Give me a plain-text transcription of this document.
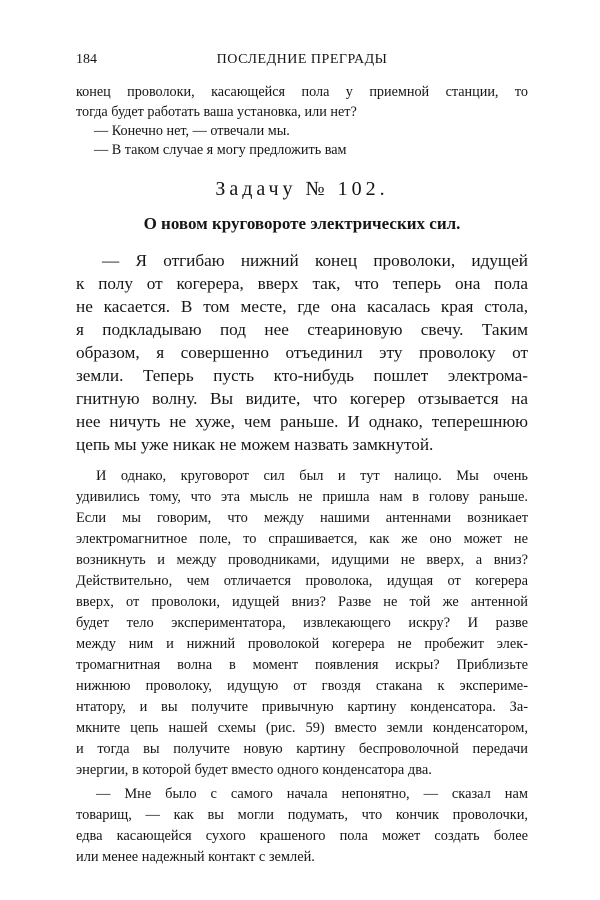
184	ПОСЛЕДНИЕ ПРЕГРАДЫ
конец проволоки, касающейся пола у приемной станции, то
тогда будет работать ваша установка, или нет?
— Конечно нет, — отвечали мы.
— В таком случае я могу предложить вам
Задачу № 102.
О новом круговороте электрических сил.
— Я отгибаю нижний конец проволоки, идущей
к полу от когерера, вверх так, что теперь она пола
не касается. В том месте, где она касалась края стола,
я подкладываю под нее стеариновую свечу. Таким
образом, я совершенно отъединил эту проволоку от
земли. Теперь пусть кто-нибудь пошлет электрома-
гнитную волну. Вы видите, что когерер отзывается на
нее ничуть не хуже, чем раньше. И однако, теперешнюю
цепь мы уже никак не можем назвать замкнутой.
И однако, круговорот сил был и тут налицо. Мы очень
удивились тому, что эта мысль не пришла нам в голову раньше.
Если мы говорим, что между нашими антеннами возникает
электромагнитное поле, то спрашивается, как же оно может не
возникнуть и между проводниками, идущими не вверх, а вниз?
Действительно, чем отличается проволока, идущая от когерера
вверх, от проволоки, идущей вниз? Разве не той же антенной
будет тело экспериментатора, извлекающего искру? И разве
между ним и нижний проволокой когерера не пробежит элек-
тромагнитная волна в момент появления искры? Приблизьте
нижнюю проволоку, идущую от гвоздя стакана к экспериме-
нтатору, и вы получите привычную картину конденсатора. За-
мкните цепь нашей схемы (рис. 59) вместо земли конденсатором,
и тогда вы получите новую картину беспроволочной передачи
энергии, в которой будет вместо одного конденсатора два.
— Мне было с самого начала непонятно, — сказал нам
товарищ, — как вы могли подумать, что кончик проволочки,
едва касающейся сухого крашеного пола может создать более
или менее надежный контакт с землей.
